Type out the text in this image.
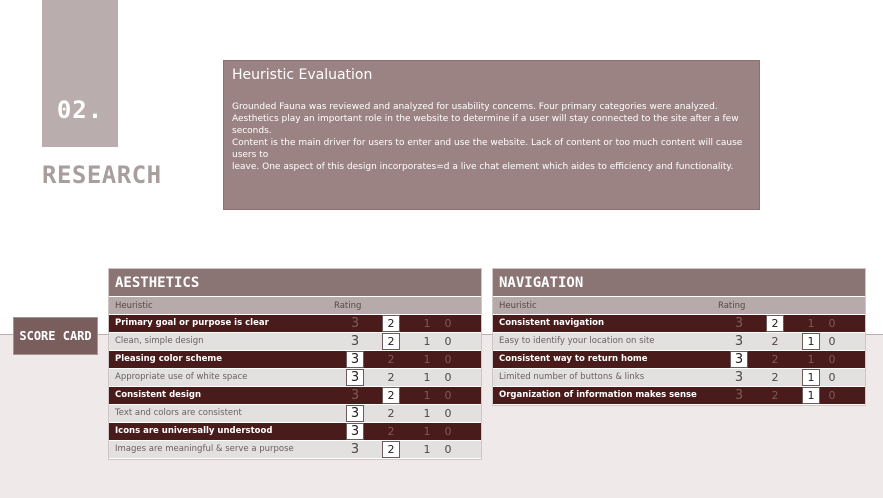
02.
RESEARCH
Heuristic Evaluation
Grounded Fauna was reviewed and analyzed for usability concerns. Four primary categories were analyzed.
Aesthetics play an important role in the website to determine if a user will stay connected to the site after a few seconds.
Content is the main driver for users to enter and use the website. Lack of content or too much content will cause users to
leave. One aspect of this design incorporates=d a live chat element which aides to efficiency and functionality.
SCORE CARD
AESTHETICS
Heuristic	Rating
Primary goal or purpose is clear	3	2	1	0
Clean, simple design	3	2	1	0
Pleasing color scheme	3	2	1	0
Appropriate use of white space	3	2	1	0
Consistent design	3	2	1	0
Text and colors are consistent	3	2	1	0
Icons are universally understood	3	2	1	0
Images are meaningful & serve a purpose	3	2	1	0
NAVIGATION
Heuristic	Rating
Consistent navigation	3	2	1	0
Easy to identify your location on site	3	2	1	0
Consistent way to return home	3	2	1	0
Limited number of buttons & links	3	2	1	0
Organization of information makes sense	3	2	1	0
